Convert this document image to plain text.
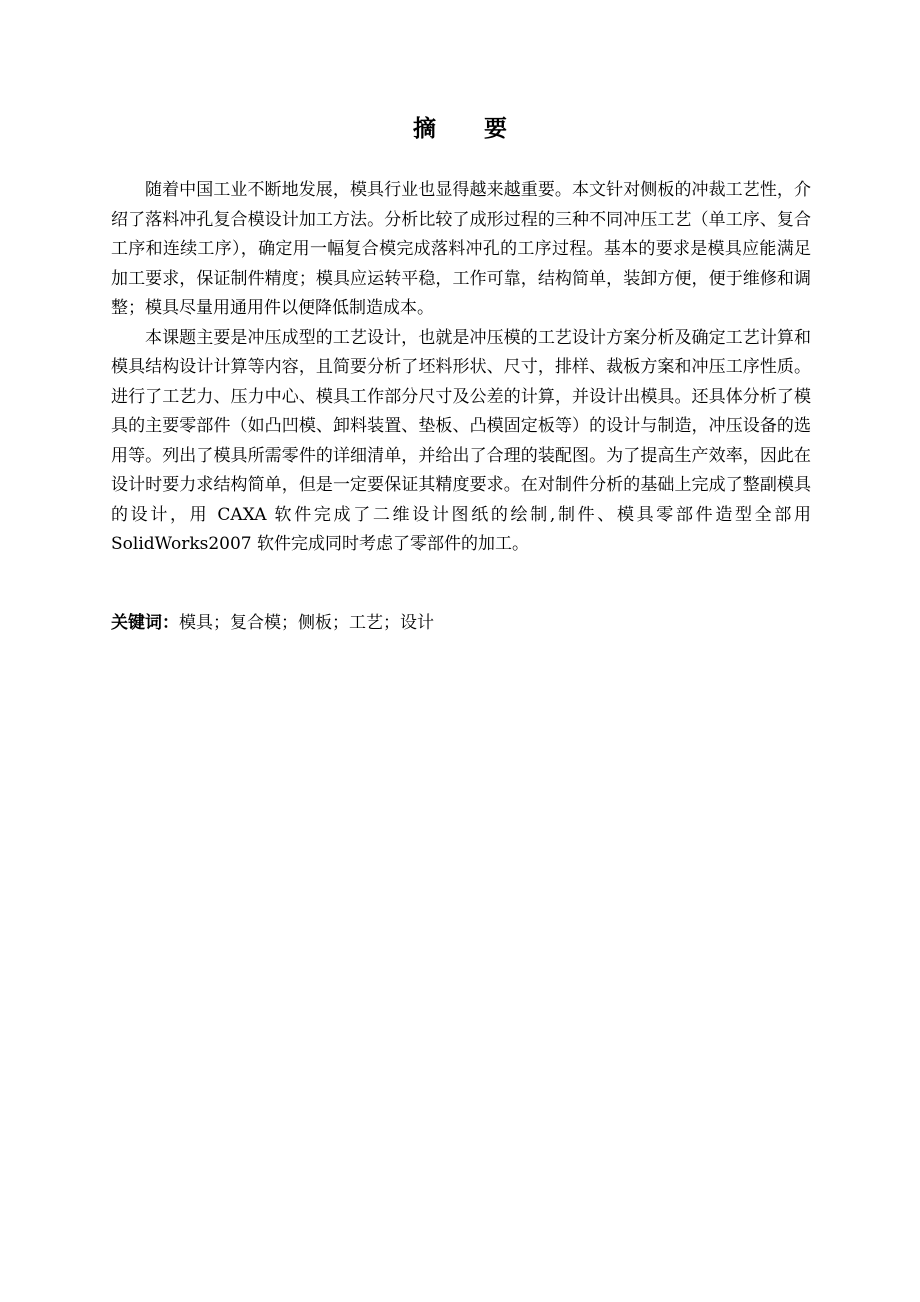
摘 要

随着中国工业不断地发展，模具行业也显得越来越重要。本文针对侧板的冲裁工艺性，介绍了落料冲孔复合模设计加工方法。分析比较了成形过程的三种不同冲压工艺（单工序、复合工序和连续工序），确定用一幅复合模完成落料冲孔的工序过程。基本的要求是模具应能满足加工要求，保证制件精度；模具应运转平稳，工作可靠，结构简单，装卸方便，便于维修和调整；模具尽量用通用件以便降低制造成本。

本课题主要是冲压成型的工艺设计，也就是冲压模的工艺设计方案分析及确定工艺计算和模具结构设计计算等内容，且简要分析了坯料形状、尺寸，排样、裁板方案和冲压工序性质。进行了工艺力、压力中心、模具工作部分尺寸及公差的计算，并设计出模具。还具体分析了模具的主要零部件（如凸凹模、卸料装置、垫板、凸模固定板等）的设计与制造，冲压设备的选用等。列出了模具所需零件的详细清单，并给出了合理的装配图。为了提高生产效率，因此在设计时要力求结构简单，但是一定要保证其精度要求。在对制件分析的基础上完成了整副模具的设计，用 CAXA 软件完成了二维设计图纸的绘制,制件、模具零部件造型全部用 SolidWorks2007 软件完成同时考虑了零部件的加工。

关键词：模具；复合模；侧板；工艺；设计
